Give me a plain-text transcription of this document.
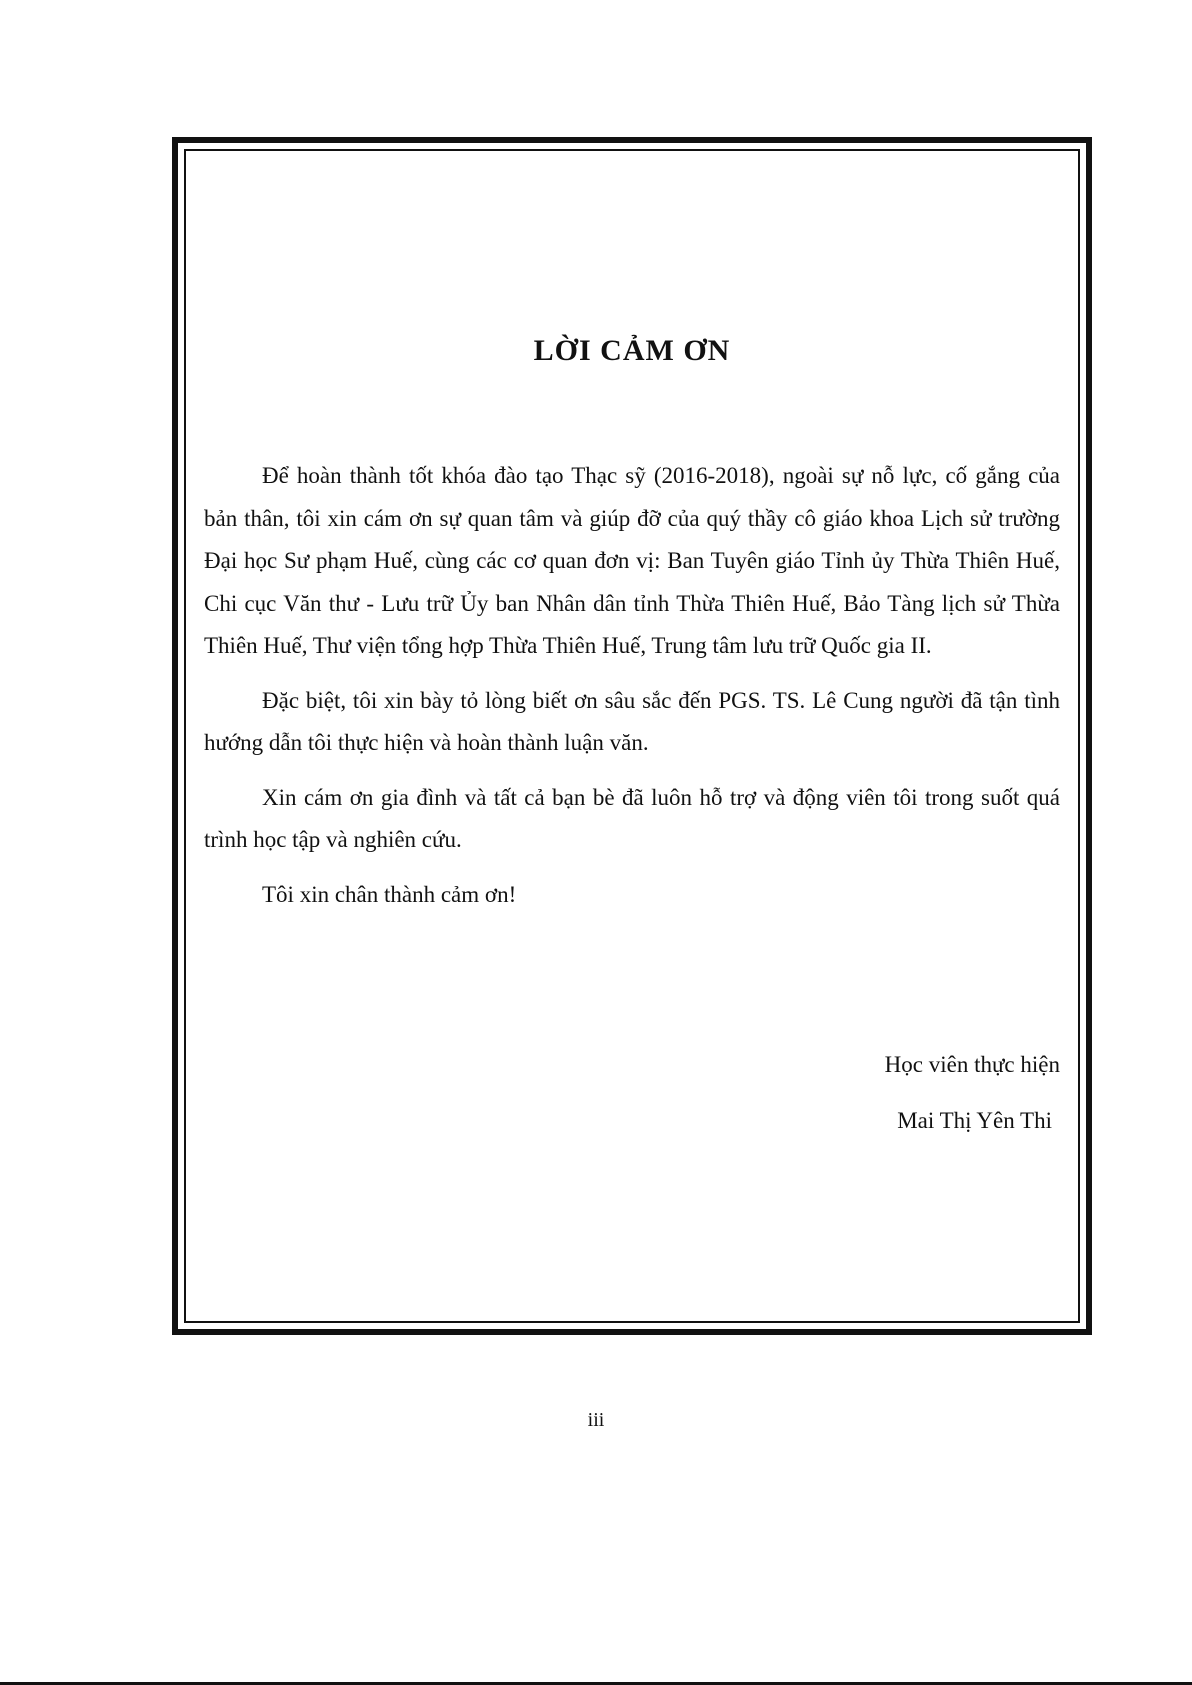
LỜI CẢM ƠN

Để hoàn thành tốt khóa đào tạo Thạc sỹ (2016-2018), ngoài sự nỗ lực, cố gắng của bản thân, tôi xin cám ơn sự quan tâm và giúp đỡ của quý thầy cô giáo khoa Lịch sử trường Đại học Sư phạm Huế, cùng các cơ quan đơn vị: Ban Tuyên giáo Tỉnh ủy Thừa Thiên Huế, Chi cục Văn thư - Lưu trữ Ủy ban Nhân dân tỉnh Thừa Thiên Huế, Bảo Tàng lịch sử Thừa Thiên Huế, Thư viện tổng hợp Thừa Thiên Huế, Trung tâm lưu trữ Quốc gia II.

Đặc biệt, tôi xin bày tỏ lòng biết ơn sâu sắc đến PGS. TS. Lê Cung người đã tận tình hướng dẫn tôi thực hiện và hoàn thành luận văn.

Xin cám ơn gia đình và tất cả bạn bè đã luôn hỗ trợ và động viên tôi trong suốt quá trình học tập và nghiên cứu.

Tôi xin chân thành cảm ơn!

Học viên thực hiện
Mai Thị Yên Thi
iii
